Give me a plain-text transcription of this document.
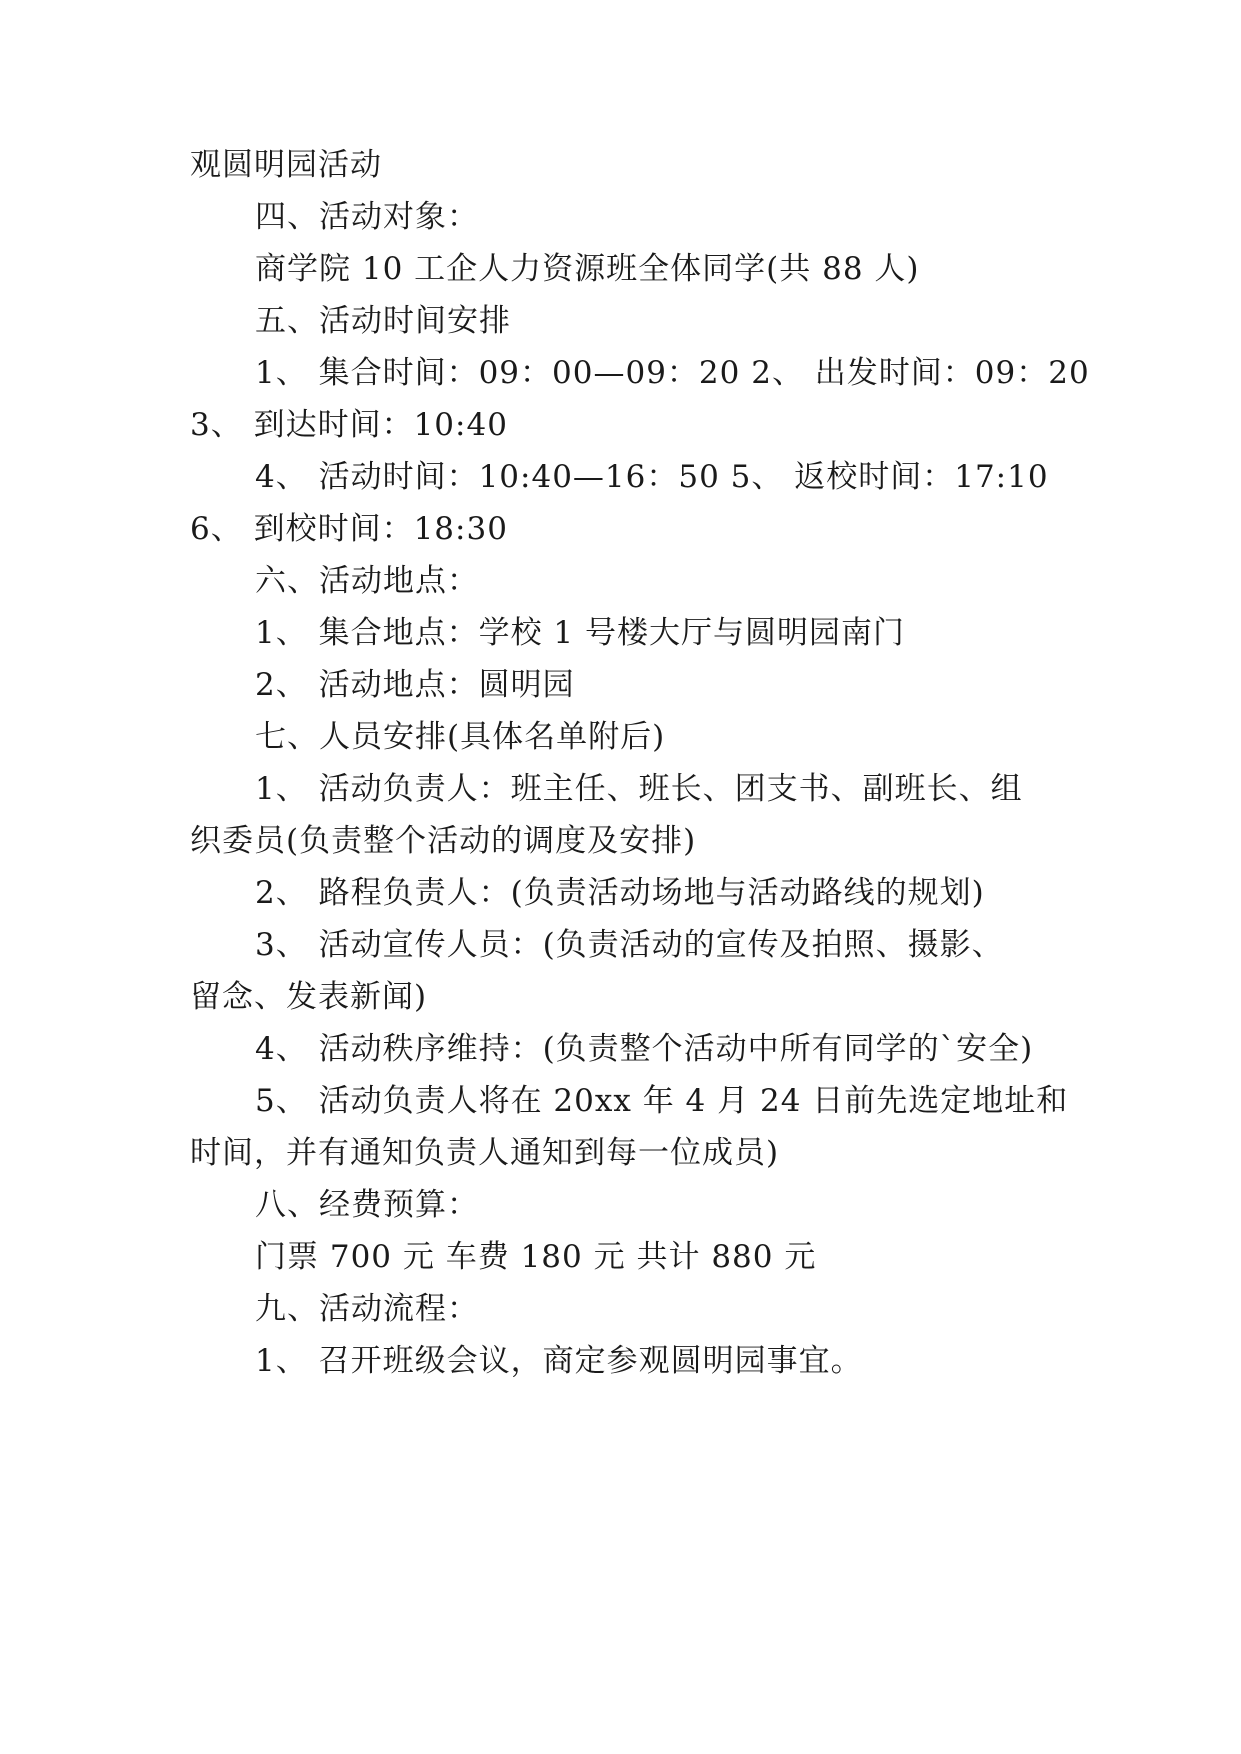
观圆明园活动
四、活动对象：
商学院 10 工企人力资源班全体同学(共 88 人)
五、活动时间安排
1、 集合时间：09：00—09：20 2、 出发时间：09：20
3、 到达时间：10:40
4、 活动时间：10:40—16：50 5、 返校时间：17:10
6、 到校时间：18:30
六、活动地点：
1、 集合地点：学校 1 号楼大厅与圆明园南门
2、 活动地点：圆明园
七、人员安排(具体名单附后)
1、 活动负责人：班主任、班长、团支书、副班长、组
织委员(负责整个活动的调度及安排)
2、 路程负责人：(负责活动场地与活动路线的规划)
3、 活动宣传人员：(负责活动的宣传及拍照、摄影、
留念、发表新闻)
4、 活动秩序维持：(负责整个活动中所有同学的`安全)
5、 活动负责人将在 20xx 年 4 月 24 日前先选定地址和
时间，并有通知负责人通知到每一位成员)
八、经费预算：
门票 700 元 车费 180 元 共计 880 元
九、活动流程：
1、 召开班级会议，商定参观圆明园事宜。
